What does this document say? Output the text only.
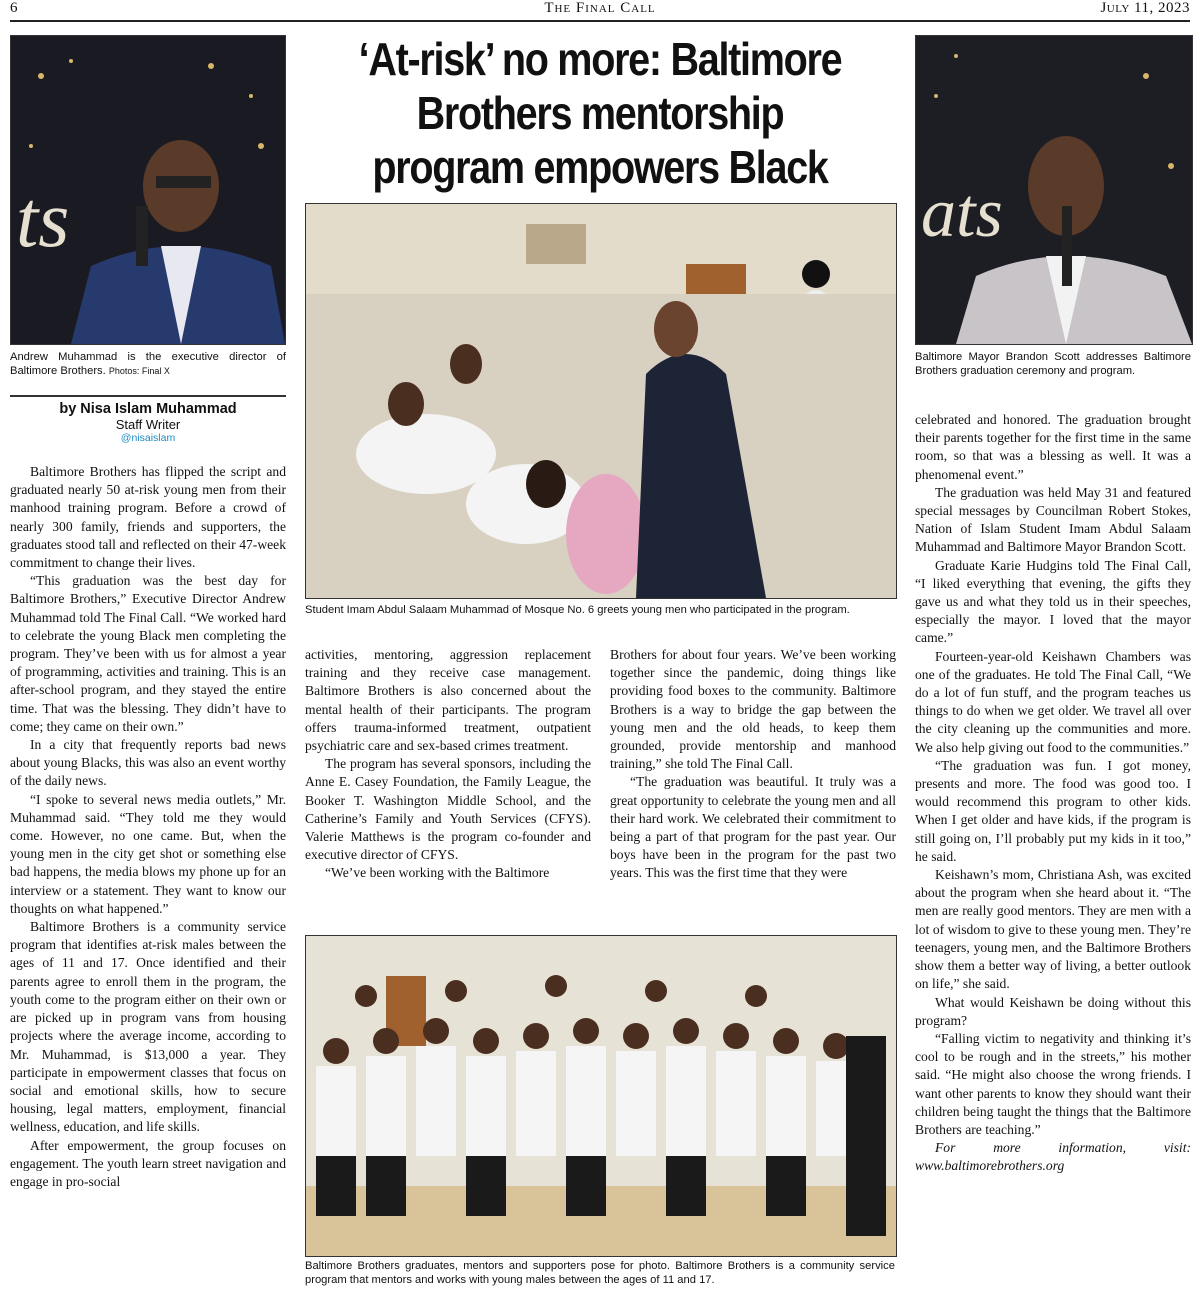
6	The Final Call	July 11, 2023
ts
Andrew Muhammad is the executive director of Baltimore Brothers. Photos: Final X
‘At-risk’ no more: Baltimore Brothers mentorship program empowers Black
ats
Baltimore Mayor Brandon Scott addresses Baltimore Brothers graduation ceremony and program.
Student Imam Abdul Salaam Muhammad of Mosque No. 6 greets young men who participated in the program.
Baltimore Brothers graduates, mentors and supporters pose for photo. Baltimore Brothers is a community service program that mentors and works with young males between the ages of 11 and 17.
by Nisa Islam Muhammad
Staff Writer
@nisaislam

Baltimore Brothers has flipped the script and graduated nearly 50 at-risk young men from their manhood training program. Before a crowd of nearly 300 family, friends and supporters, the graduates stood tall and reflected on their 47-week commitment to change their lives.

“This graduation was the best day for Baltimore Brothers,” Executive Director Andrew Muhammad told The Final Call. “We worked hard to celebrate the young Black men completing the program. They’ve been with us for almost a year of programming, activities and training. This is an after-school program, and they stayed the entire time. That was the blessing. They didn’t have to come; they came on their own.”

In a city that frequently reports bad news about young Blacks, this was also an event worthy of the daily news.

“I spoke to several news media outlets,” Mr. Muhammad said. “They told me they would come. However, no one came. But, when the young men in the city get shot or something else bad happens, the media blows my phone up for an interview or a statement. They want to know our thoughts on what happened.”

Baltimore Brothers is a community service program that identifies at-risk males between the ages of 11 and 17. Once identified and their parents agree to enroll them in the program, the youth come to the program either on their own or are picked up in program vans from housing projects where the average income, according to Mr. Muhammad, is $13,000 a year. They participate in empowerment classes that focus on social and emotional skills, how to secure housing, legal matters, employment, financial wellness, education, and life skills.

After empowerment, the group focuses on engagement. The youth learn street navigation and engage in pro-social

activities, mentoring, aggression replacement training and they receive case management. Baltimore Brothers is also concerned about the mental health of their participants. The program offers trauma-informed treatment, outpatient psychiatric care and sex-based crimes treatment.

The program has several sponsors, including the Anne E. Casey Foundation, the Family League, the Booker T. Washington Middle School, and the Catherine’s Family and Youth Services (CFYS). Valerie Matthews is the program co-founder and executive director of CFYS.

“We’ve been working with the Baltimore

Brothers for about four years. We’ve been working together since the pandemic, doing things like providing food boxes to the community. Baltimore Brothers is a way to bridge the gap between the young men and the old heads, to keep them grounded, provide mentorship and manhood training,” she told The Final Call.

“The graduation was beautiful. It truly was a great opportunity to celebrate the young men and all their hard work. We celebrated their commitment to being a part of that program for the past year. Our boys have been in the program for the past two years. This was the first time that they were

celebrated and honored. The graduation brought their parents together for the first time in the same room, so that was a blessing as well. It was a phenomenal event.”

The graduation was held May 31 and featured special messages by Councilman Robert Stokes, Nation of Islam Student Imam Abdul Salaam Muhammad and Baltimore Mayor Brandon Scott.

Graduate Karie Hudgins told The Final Call, “I liked everything that evening, the gifts they gave us and what they told us in their speeches, especially the mayor. I loved that the mayor came.”

Fourteen-year-old Keishawn Chambers was one of the graduates. He told The Final Call, “We do a lot of fun stuff, and the program teaches us things to do when we get older. We travel all over the city cleaning up the communities and more. We also help giving out food to the communities.”

“The graduation was fun. I got money, presents and more. The food was good too. I would recommend this program to other kids. When I get older and have kids, if the program is still going on, I’ll probably put my kids in it too,” he said.

Keishawn’s mom, Christiana Ash, was excited about the program when she heard about it. “The men are really good mentors. They are men with a lot of wisdom to give to these young men. They’re teenagers, young men, and the Baltimore Brothers show them a better way of living, a better outlook on life,” she said.

What would Keishawn be doing without this program?

“Falling victim to negativity and thinking it’s cool to be rough and in the streets,” his mother said. “He might also choose the wrong friends. I want other parents to know they should want their children being taught the things that the Baltimore Brothers are teaching.”

For more information, visit: www.baltimorebrothers.org
